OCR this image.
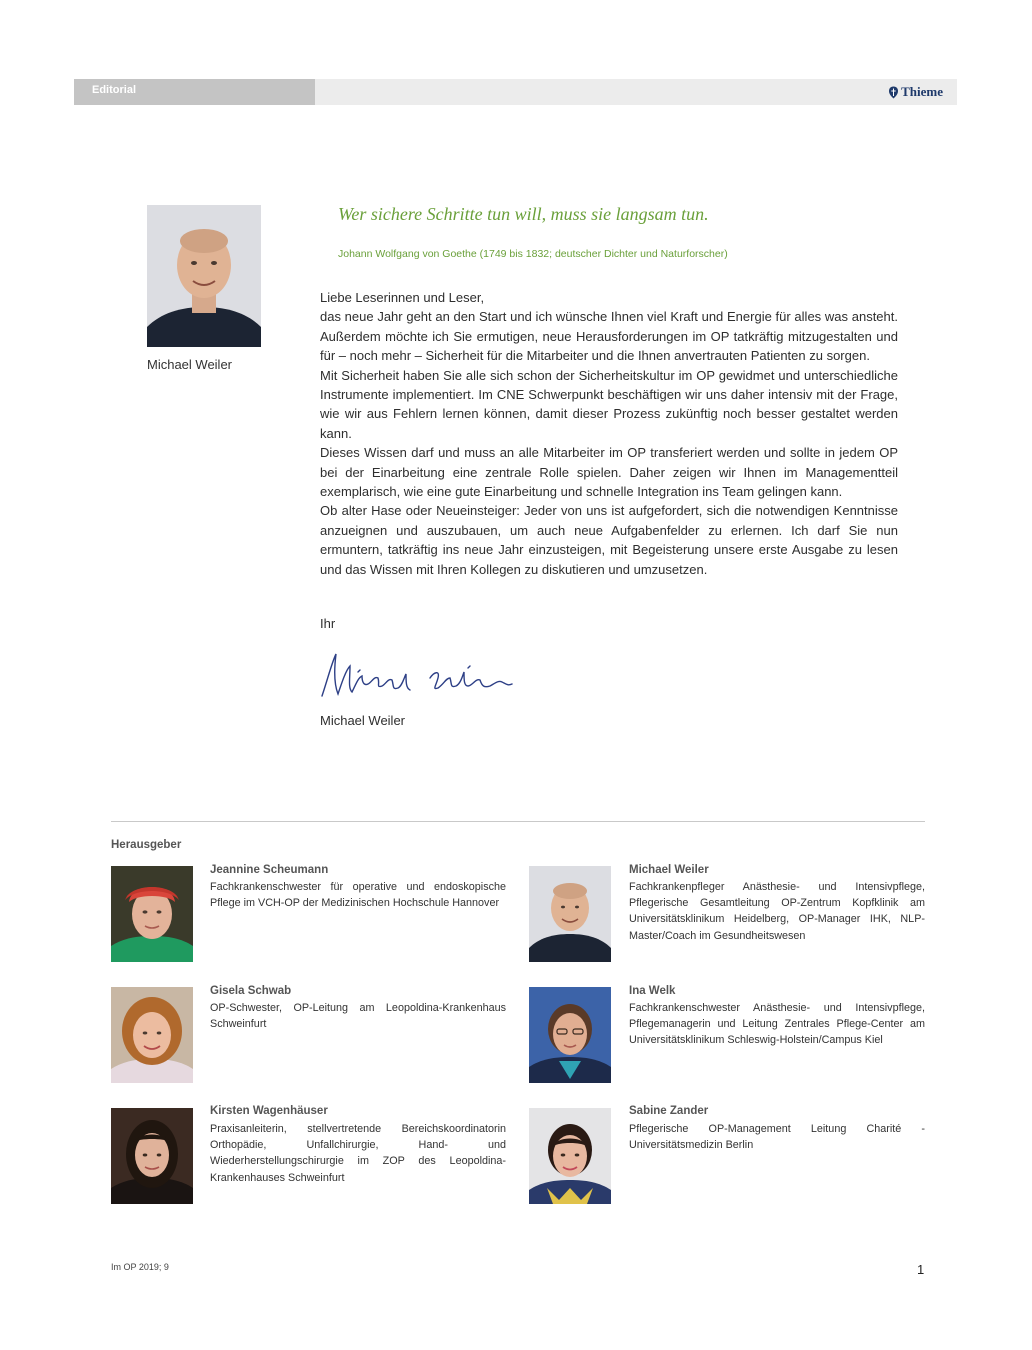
Editorial	Thieme
Michael Weiler
Wer sichere Schritte tun will, muss sie langsam tun.
Johann Wolfgang von Goethe (1749 bis 1832; deutscher Dichter und Naturforscher)

Liebe Leserinnen und Leser,

das neue Jahr geht an den Start und ich wünsche Ihnen viel Kraft und Energie für alles was ansteht. Außerdem möchte ich Sie ermutigen, neue Herausforderungen im OP tatkräftig mitzugestalten und für – noch mehr – Sicherheit für die Mitarbeiter und die Ihnen anvertrauten Patienten zu sorgen.

Mit Sicherheit haben Sie alle sich schon der Sicherheitskultur im OP gewidmet und unterschiedliche Instrumente implementiert. Im CNE Schwerpunkt beschäftigen wir uns daher intensiv mit der Frage, wie wir aus Fehlern lernen können, damit dieser Prozess zukünftig noch besser gestaltet werden kann.

Dieses Wissen darf und muss an alle Mitarbeiter im OP transferiert werden und sollte in jedem OP bei der Einarbeitung eine zentrale Rolle spielen. Daher zeigen wir Ihnen im Managementteil exemplarisch, wie eine gute Einarbeitung und schnelle Integration ins Team gelingen kann.

Ob alter Hase oder Neueinsteiger: Jeder von uns ist aufgefordert, sich die notwendigen Kenntnisse anzueignen und auszubauen, um auch neue Aufgabenfelder zu erlernen. Ich darf Sie nun ermuntern, tatkräftig ins neue Jahr einzusteigen, mit Begeisterung unsere erste Ausgabe zu lesen und das Wissen mit Ihren Kollegen zu diskutieren und umzusetzen.

Ihr
Michael Weiler
Herausgeber
Jeannine Scheumann
Fachkrankenschwester für operative und endoskopische Pflege im VCH-OP der Medizinischen Hochschule Hannover
Michael Weiler
Fachkrankenpfleger Anästhesie- und Intensivpflege, Pflegerische Gesamtleitung OP-Zentrum Kopfklinik am Universitätsklinikum Heidelberg, OP-Manager IHK, NLP-Master/Coach im Gesundheitswesen
Gisela Schwab
OP-Schwester, OP-Leitung am Leopoldina-Krankenhaus Schweinfurt
Ina Welk
Fachkrankenschwester Anästhesie- und Intensivpflege, Pflegemanagerin und Leitung Zentrales Pflege-Center am Universitätsklinikum Schleswig-Holstein/Campus Kiel
Kirsten Wagenhäuser
Praxisanleiterin, stellvertretende Bereichskoordinatorin Orthopädie, Unfallchirurgie, Hand- und Wiederherstellungschirurgie im ZOP des Leopoldina-Krankenhauses Schweinfurt
Sabine Zander
Pflegerische OP-Management Leitung Charité - Universitätsmedizin Berlin
Im OP 2019; 9	1
